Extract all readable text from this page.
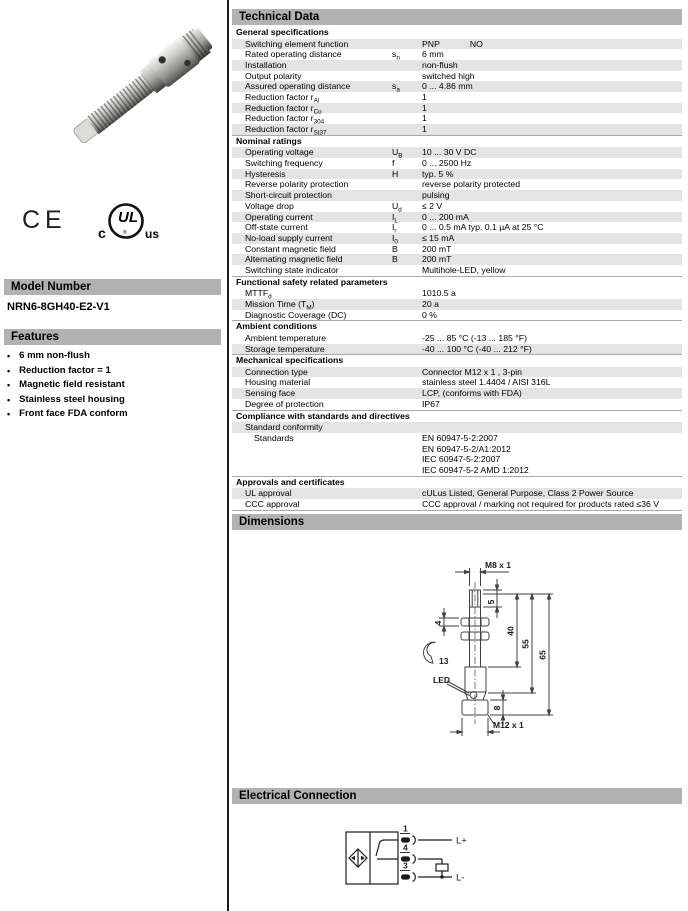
CE	UL
®
c	us
Model Number
NRN6-8GH40-E2-V1
Features
• 6 mm non-flush
• Reduction factor = 1
• Magnetic field resistant
• Stainless steel housing
• Front face FDA conform
Technical Data
General specifications
Switching element function	PNP	NO
Rated operating distance	$s_n$	6 mm
Installation	non-flush
Output polarity	switched high
Assured operating distance	$s_a$	0 ... 4.86 mm
Reduction factor $r_{Al}$	1
Reduction factor $r_{Cu}$	1
Reduction factor $r_{304}$	1
Reduction factor $r_{St37}$	1
Nominal ratings
Operating voltage	$U_B$	10 ... 30 V DC
Switching frequency	f	0 ... 2500 Hz
Hysteresis	H	typ. 5 %
Reverse polarity protection	reverse polarity protected
Short-circuit protection	pulsing
Voltage drop	$U_d$	≤ 2 V
Operating current	$I_L$	0 ... 200 mA
Off-state current	$I_r$	0 ... 0.5 mA typ. 0.1 µA at 25 °C
No-load supply current	$I_0$	≤ 15 mA
Constant magnetic field	B	200 mT
Alternating magnetic field	B	200 mT
Switching state indicator	Multihole-LED, yellow
Functional safety related parameters
$MTTF_d$	1010.5 a
Mission Time $(T_M)$	20 a
Diagnostic Coverage (DC)	0 %
Ambient conditions
Ambient temperature	-25 ... 85 °C (-13 ... 185 °F)
Storage temperature	-40 ... 100 °C (-40 ... 212 °F)
Mechanical specifications
Connection type	Connector M12 x 1 , 3-pin
Housing material	stainless steel 1.4404 / AISI 316L
Sensing face	LCP, (conforms with FDA)
Degree of protection	IP67
Compliance with standards and directives
Standard conformity
Standards	EN 60947-5-2:2007
EN 60947-5-2/A1:2012
IEC 60947-5-2:2007
IEC 60947-5-2 AMD 1:2012
Approvals and certificates
UL approval	cULus Listed, General Purpose, Class 2 Power Source
CCC approval	CCC approval / marking not required for products rated ≤36 V
Dimensions
M8 x 1
5
4
40
55
65
8
LED
13
M12 x 1
Electrical Connection
1
4
3
L+
L-
